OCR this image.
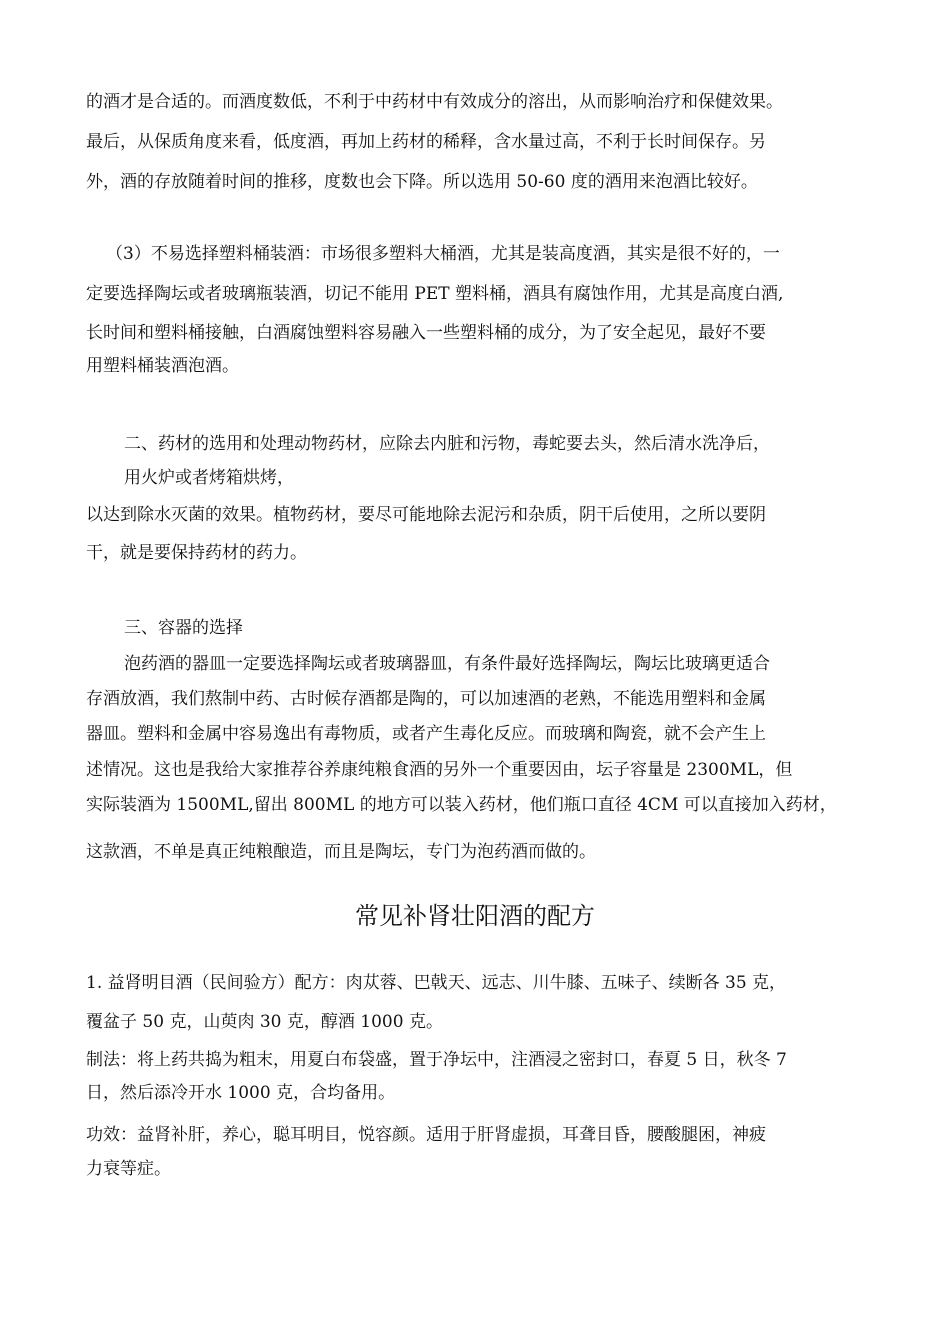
的酒才是合适的。而酒度数低，不利于中药材中有效成分的溶出，从而影响治疗和保健效果。
最后，从保质角度来看，低度酒，再加上药材的稀释，含水量过高，不利于长时间保存。另
外，酒的存放随着时间的推移，度数也会下降。所以选用 50-60 度的酒用来泡酒比较好。
（3）不易选择塑料桶装酒：市场很多塑料大桶酒，尤其是装高度酒，其实是很不好的，一
定要选择陶坛或者玻璃瓶装酒，切记不能用 PET 塑料桶，酒具有腐蚀作用，尤其是高度白酒,
长时间和塑料桶接触，白酒腐蚀塑料容易融入一些塑料桶的成分，为了安全起见，最好不要
用塑料桶装酒泡酒。
二、药材的选用和处理动物药材，应除去内脏和污物，毒蛇要去头，然后清水洗净后，
用火炉或者烤箱烘烤，
以达到除水灭菌的效果。植物药材，要尽可能地除去泥污和杂质，阴干后使用，之所以要阴
干，就是要保持药材的药力。
三、容器的选择
泡药酒的器皿一定要选择陶坛或者玻璃器皿，有条件最好选择陶坛，陶坛比玻璃更适合
存酒放酒，我们熬制中药、古时候存酒都是陶的，可以加速酒的老熟，不能选用塑料和金属
器皿。塑料和金属中容易逸出有毒物质，或者产生毒化反应。而玻璃和陶瓷，就不会产生上
述情况。这也是我给大家推荐谷养康纯粮食酒的另外一个重要因由，坛子容量是 2300ML，但
实际装酒为 1500ML,留出 800ML 的地方可以装入药材，他们瓶口直径 4CM 可以直接加入药材，
这款酒，不单是真正纯粮酿造，而且是陶坛，专门为泡药酒而做的。
常见补肾壮阳酒的配方
1. 益肾明目酒（民间验方）配方：肉苁蓉、巴戟天、远志、川牛膝、五味子、续断各 35 克，
覆盆子 50 克，山萸肉 30 克，醇酒 1000 克。
制法：将上药共捣为粗末，用夏白布袋盛，置于净坛中，注酒浸之密封口，春夏 5 日，秋冬 7
日，然后添冷开水 1000 克，合均备用。
功效：益肾补肝，养心，聪耳明目，悦容颜。适用于肝肾虚损，耳聋目昏，腰酸腿困，神疲
力衰等症。
